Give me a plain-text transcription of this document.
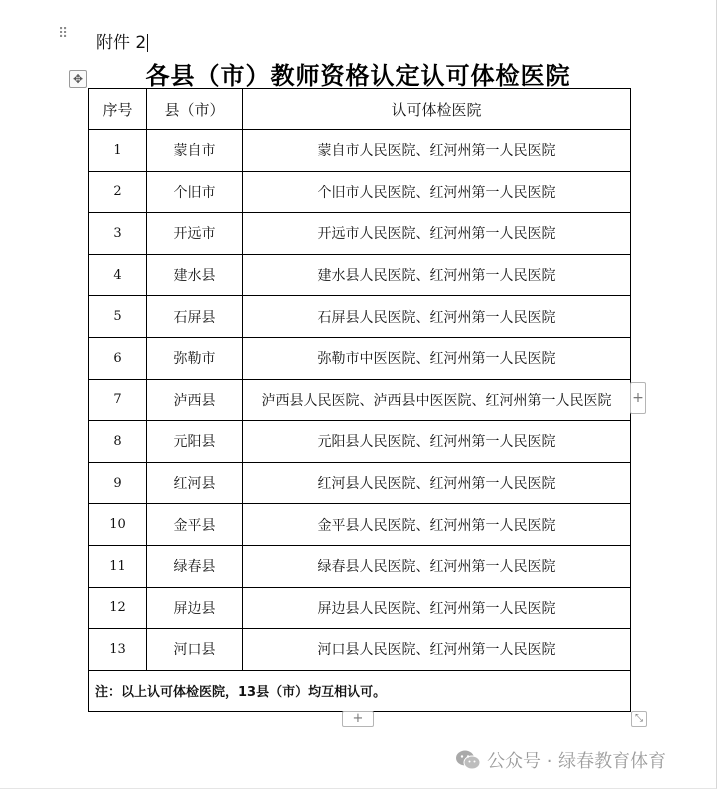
⠿ 附件 2
✥	各县（市）教师资格认定认可体检医院
序号	县（市）	认可体检医院
1	蒙自市	蒙自市人民医院、红河州第一人民医院
2	个旧市	个旧市人民医院、红河州第一人民医院
3	开远市	开远市人民医院、红河州第一人民医院
4	建水县	建水县人民医院、红河州第一人民医院
5	石屏县	石屏县人民医院、红河州第一人民医院
6	弥勒市	弥勒市中医医院、红河州第一人民医院
7	泸西县	泸西县人民医院、泸西县中医医院、红河州第一人民医院
8	元阳县	元阳县人民医院、红河州第一人民医院
9	红河县	红河县人民医院、红河州第一人民医院
10	金平县	金平县人民医院、红河州第一人民医院
11	绿春县	绿春县人民医院、红河州第一人民医院
12	屏边县	屏边县人民医院、红河州第一人民医院
13	河口县	河口县人民医院、红河州第一人民医院
注：以上认可体检医院，13县（市）均互相认可。		
+
+	⤡
公众号 · 绿春教育体育
